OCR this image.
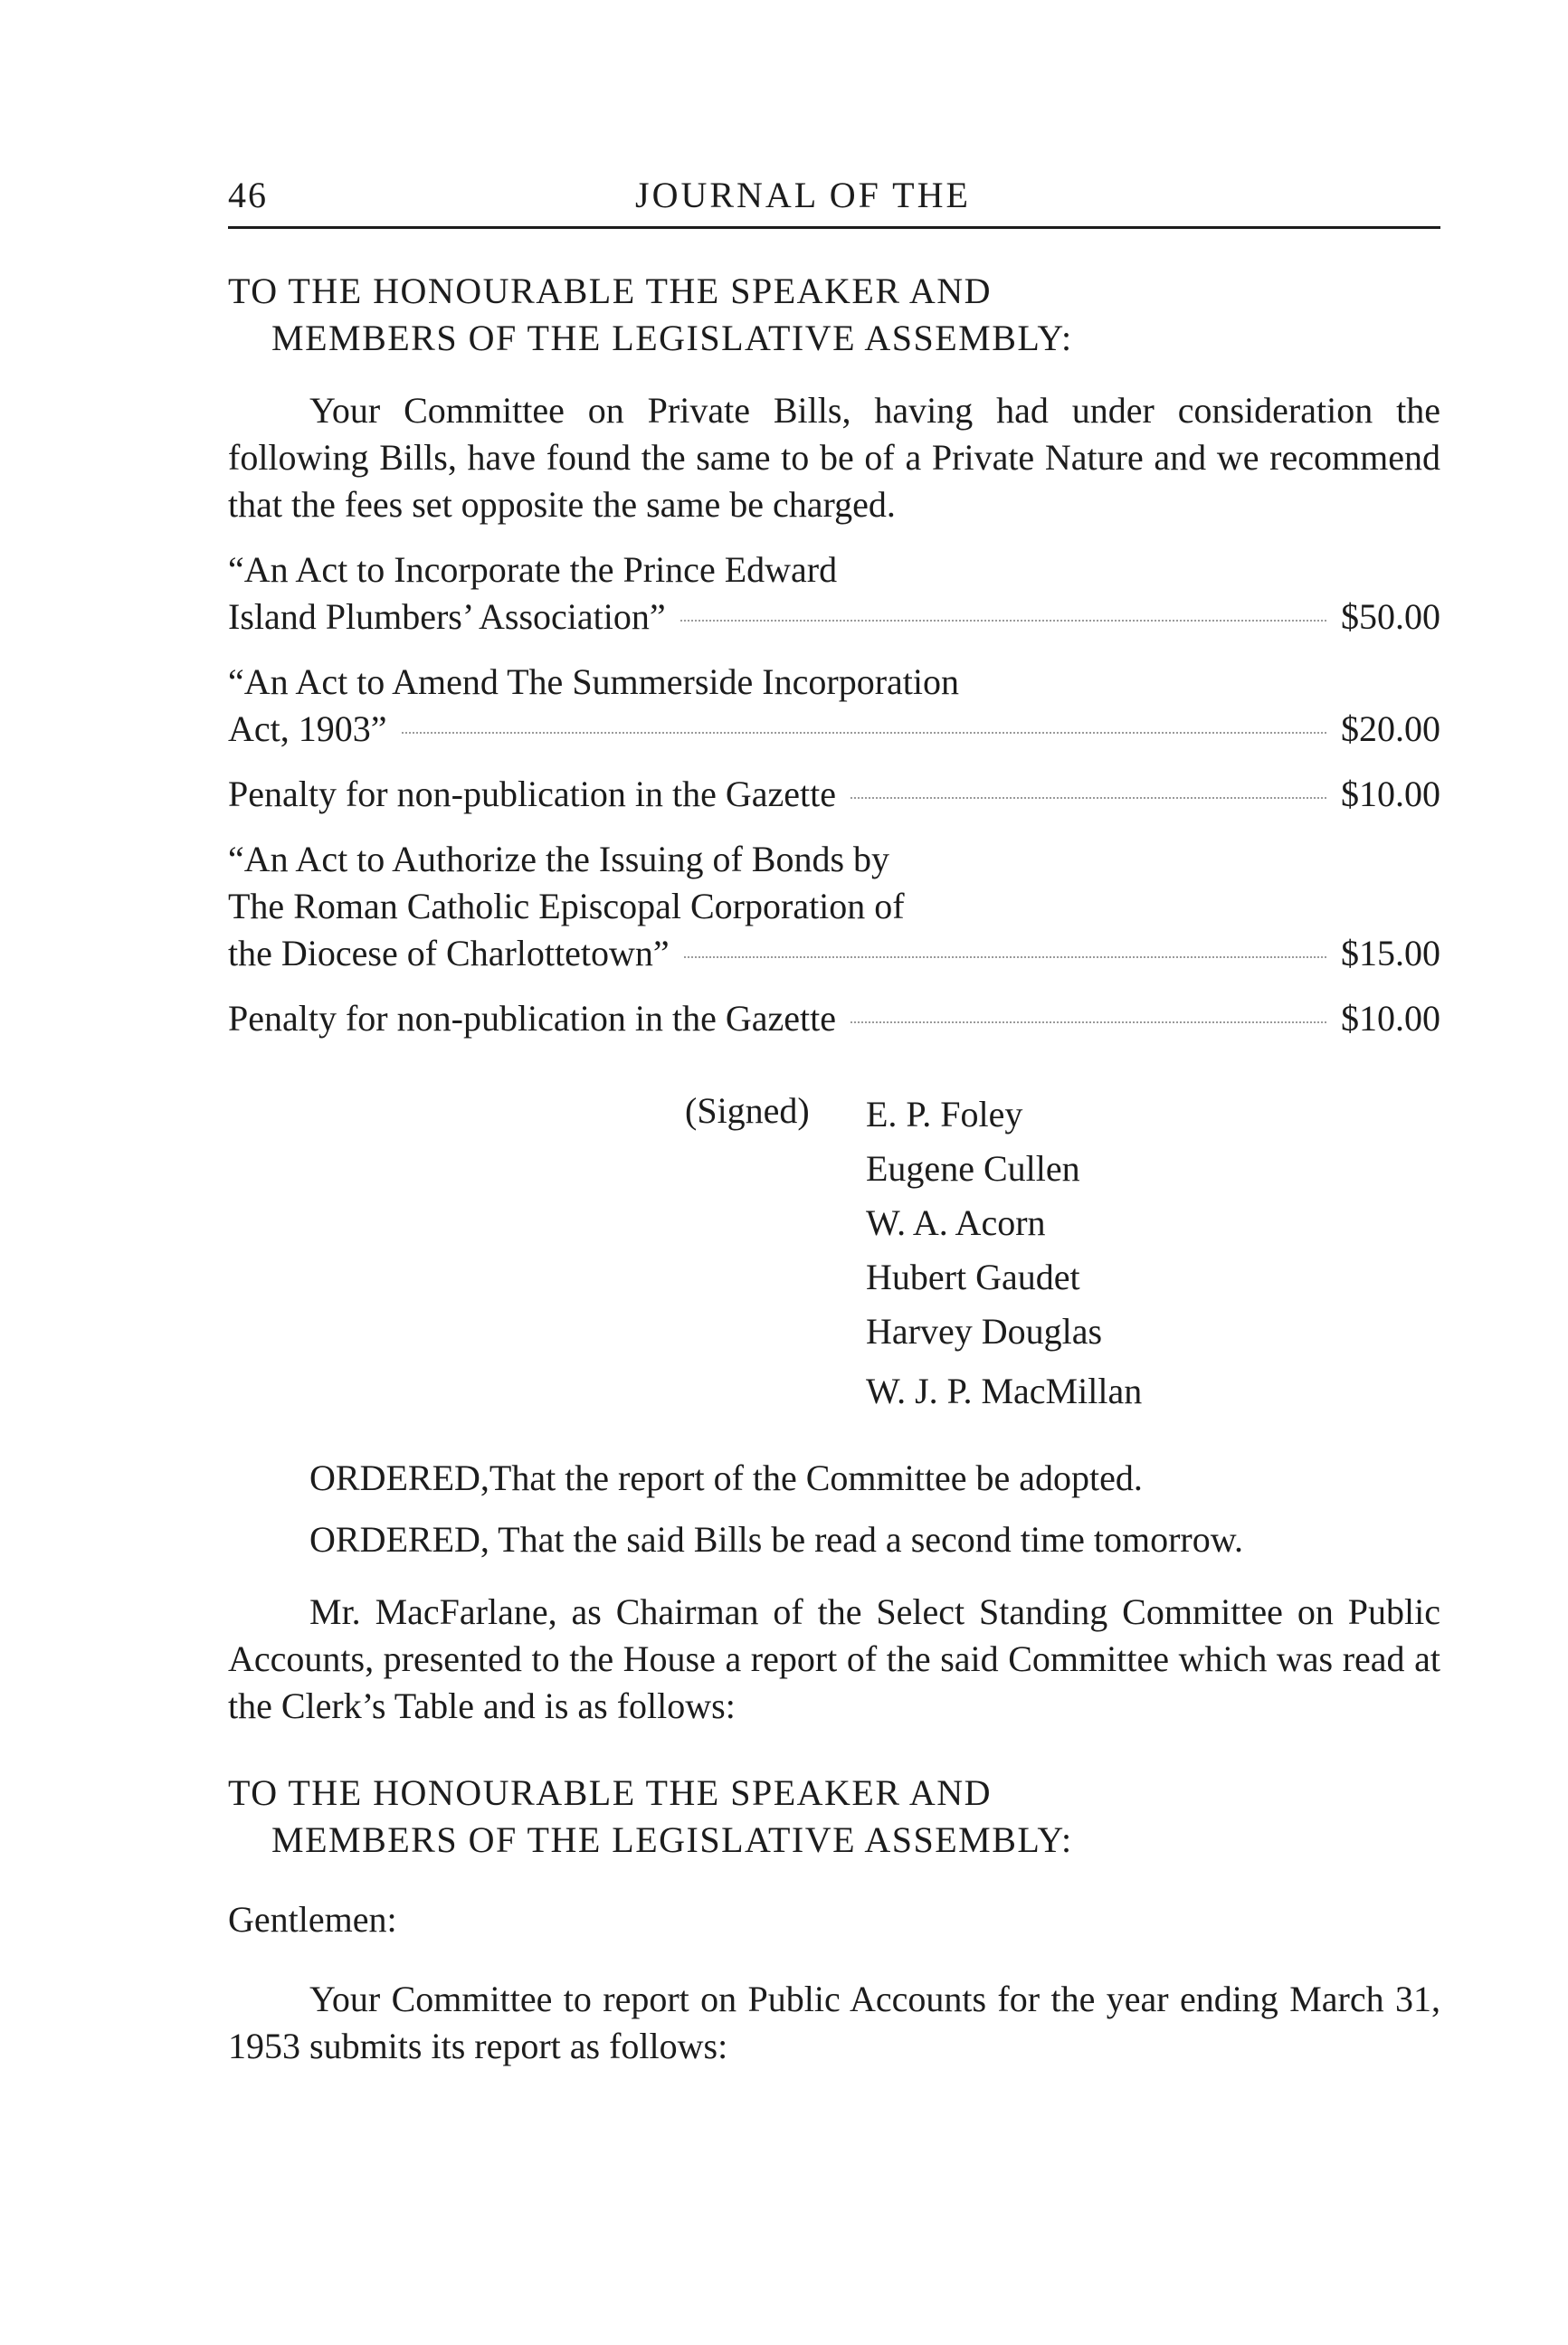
46	JOURNAL OF THE
TO THE HONOURABLE THE SPEAKER AND
MEMBERS OF THE LEGISLATIVE ASSEMBLY:

Your Committee on Private Bills, having had under consideration the following Bills, have found the same to be of a Private Nature and we recommend that the fees set opposite the same be charged.

“An Act to Incorporate the Prince Edward
Island Plumbers’ Association”	$50.00
“An Act to Amend The Summerside Incorporation
Act, 1903”	$20.00
Penalty for non-publication in the Gazette	$10.00
“An Act to Authorize the Issuing of Bonds by
The Roman Catholic Episcopal Corporation of
the Diocese of Charlottetown”	$15.00
Penalty for non-publication in the Gazette	$10.00
(Signed) E. P. Foley
Eugene Cullen
W. A. Acorn
Hubert Gaudet
Harvey Douglas
W. J. P. MacMillan

ORDERED,That the report of the Committee be adopted.

ORDERED, That the said Bills be read a second time tomorrow.

Mr. MacFarlane, as Chairman of the Select Standing Committee on Public Accounts, presented to the House a report of the said Committee which was read at the Clerk’s Table and is as follows:

TO THE HONOURABLE THE SPEAKER AND
MEMBERS OF THE LEGISLATIVE ASSEMBLY:

Gentlemen:

Your Committee to report on Public Accounts for the year ending March 31, 1953 submits its report as follows:
